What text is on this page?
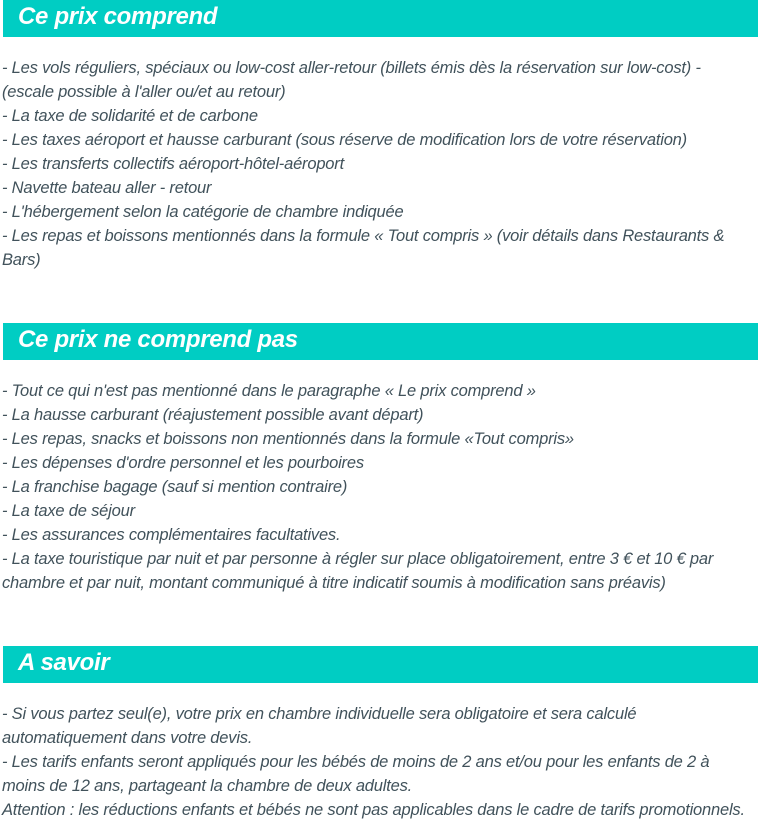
Ce prix comprend
- Les vols réguliers, spéciaux ou low-cost aller-retour (billets émis dès la réservation sur low-cost) - (escale possible à l'aller ou/et au retour)
- La taxe de solidarité et de carbone
- Les taxes aéroport et hausse carburant (sous réserve de modification lors de votre réservation)
- Les transferts collectifs aéroport-hôtel-aéroport
- Navette bateau aller - retour
- L'hébergement selon la catégorie de chambre indiquée
- Les repas et boissons mentionnés dans la formule « Tout compris » (voir détails dans Restaurants & Bars)
Ce prix ne comprend pas
- Tout ce qui n'est pas mentionné dans le paragraphe « Le prix comprend »
- La hausse carburant (réajustement possible avant départ)
- Les repas, snacks et boissons non mentionnés dans la formule «Tout compris»
- Les dépenses d'ordre personnel et les pourboires
- La franchise bagage (sauf si mention contraire)
- La taxe de séjour
- Les assurances complémentaires facultatives.
- La taxe touristique par nuit et par personne à régler sur place obligatoirement, entre 3 € et 10 € par chambre et par nuit, montant communiqué à titre indicatif soumis à modification sans préavis)
A savoir
- Si vous partez seul(e), votre prix en chambre individuelle sera obligatoire et sera calculé automatiquement dans votre devis.
- Les tarifs enfants seront appliqués pour les bébés de moins de 2 ans et/ou pour les enfants de 2 à moins de 12 ans, partageant la chambre de deux adultes.
Attention : les réductions enfants et bébés ne sont pas applicables dans le cadre de tarifs promotionnels.
